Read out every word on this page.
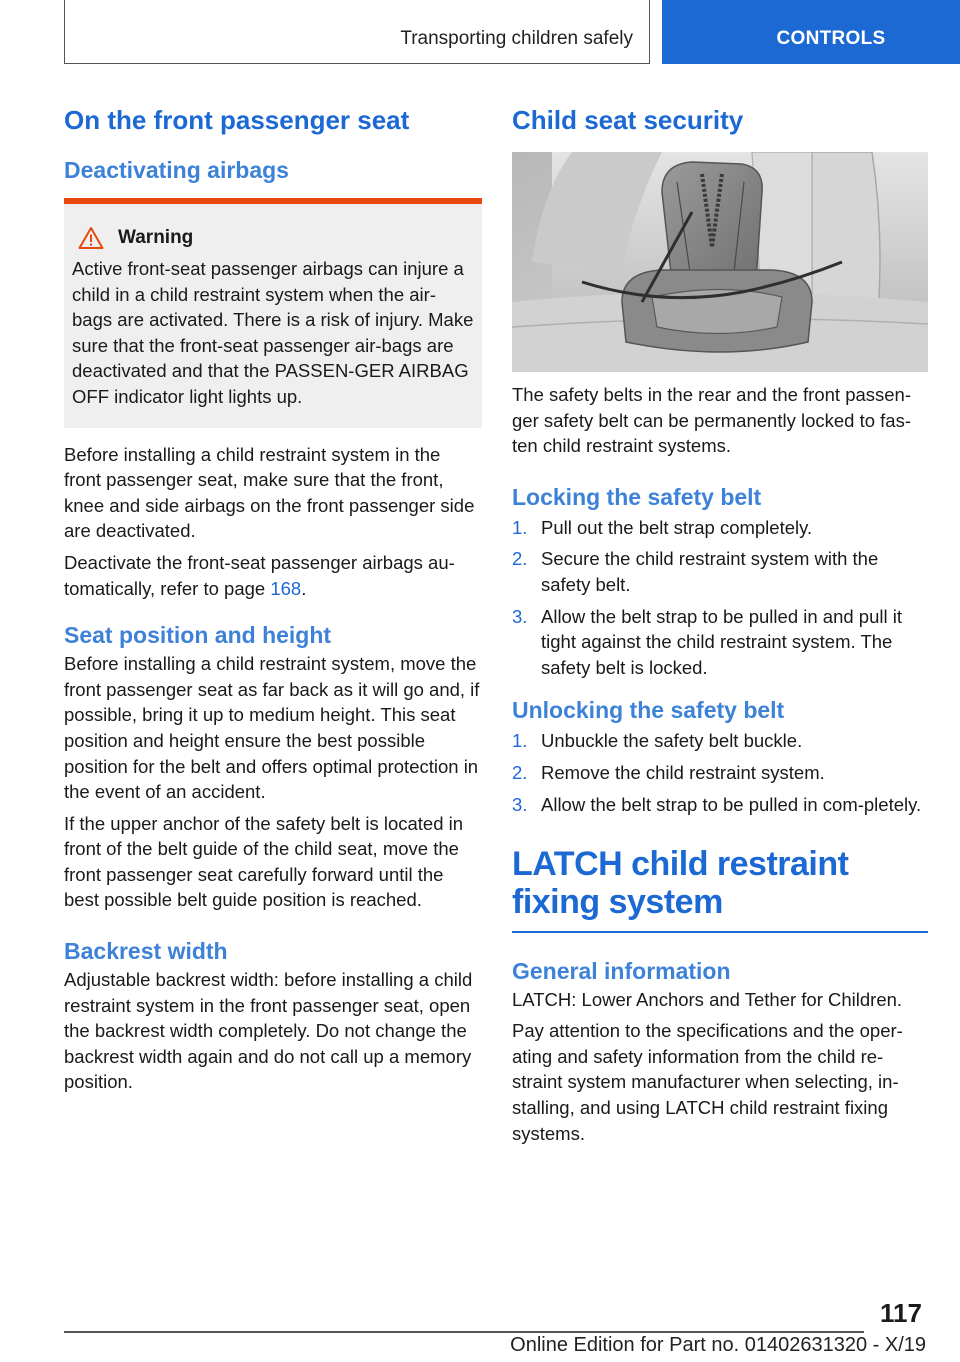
Transporting children safely	CONTROLS
On the front passenger seat
Deactivating airbags
Warning

Active front-seat passenger airbags can injure a child in a child restraint system when the air-bags are activated. There is a risk of injury. Make sure that the front-seat passenger air-bags are deactivated and that the PASSEN-GER AIRBAG OFF indicator light lights up.

Before installing a child restraint system in the front passenger seat, make sure that the front, knee and side airbags on the front passenger side are deactivated.

Deactivate the front-seat passenger airbags au-tomatically, refer to page 168.

Seat position and height

Before installing a child restraint system, move the front passenger seat as far back as it will go and, if possible, bring it up to medium height. This seat position and height ensure the best possible position for the belt and offers optimal protection in the event of an accident.

If the upper anchor of the safety belt is located in front of the belt guide of the child seat, move the front passenger seat carefully forward until the best possible belt guide position is reached.

Backrest width

Adjustable backrest width: before installing a child restraint system in the front passenger seat, open the backrest width completely. Do not change the backrest width again and do not call up a memory position.

Child seat security

The safety belts in the rear and the front passen-ger safety belt can be permanently locked to fas-ten child restraint systems.

Locking the safety belt
1. Pull out the belt strap completely.
2. Secure the child restraint system with the safety belt.
3. Allow the belt strap to be pulled in and pull it tight against the child restraint system. The safety belt is locked.
Unlocking the safety belt
1. Unbuckle the safety belt buckle.
2. Remove the child restraint system.
3. Allow the belt strap to be pulled in com-pletely.
LATCH child restraint fixing system
General information

LATCH: Lower Anchors and Tether for Children.

Pay attention to the specifications and the oper-ating and safety information from the child re-straint system manufacturer when selecting, in-stalling, and using LATCH child restraint fixing systems.

117
Online Edition for Part no. 01402631320 - X/19
